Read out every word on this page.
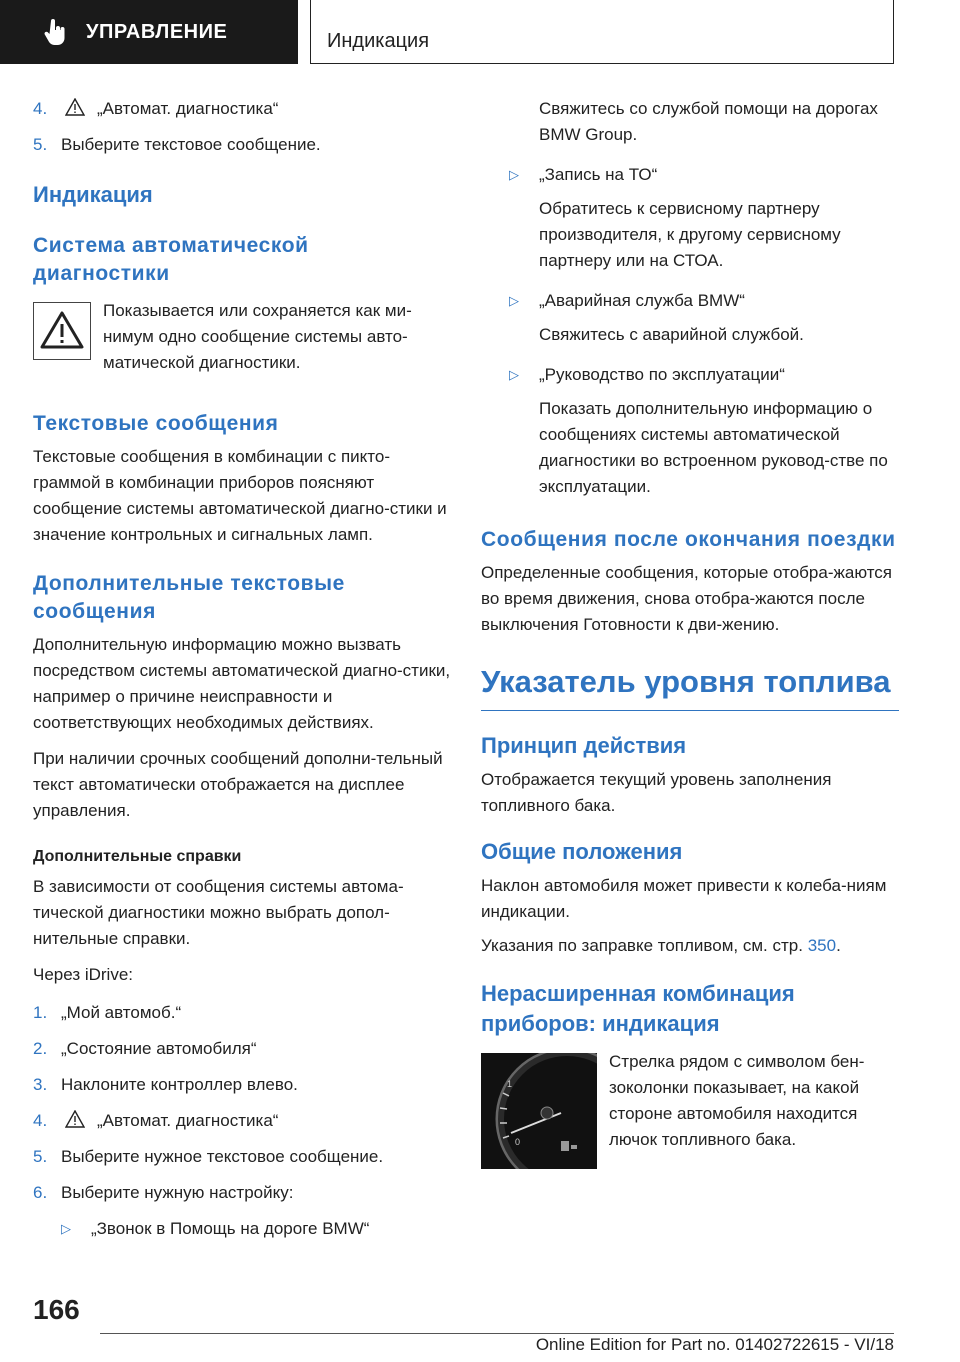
УПРАВЛЕНИЕ	Индикация
4.	„Автомат. диагностика“
5. Выберите текстовое сообщение.
Индикация
Система автоматической диагностики

Показывается или сохраняется как ми‐нимум одно сообщение системы авто‐матической диагностики.

Текстовые сообщения

Текстовые сообщения в комбинации с пикто‐граммой в комбинации приборов поясняют сообщение системы автоматической диагно‐стики и значение контрольных и сигнальных ламп.

Дополнительные текстовые сообщения

Дополнительную информацию можно вызвать посредством системы автоматической диагно‐стики, например о причине неисправности и соответствующих необходимых действиях.

При наличии срочных сообщений дополни‐тельный текст автоматически отображается на дисплее управления.

Дополнительные справки

В зависимости от сообщения системы автома‐тической диагностики можно выбрать допол‐нительные справки.

Через iDrive:

1. „Мой автомоб.“
2. „Состояние автомобиля“
3. Наклоните контроллер влево.
4.	„Автомат. диагностика“
5. Выберите нужное текстовое сообщение.
6. Выберите нужную настройку:
▷	„Звонок в Помощь на дороге BMW“

Свяжитесь со службой помощи на дорогах BMW Group.

▷	„Запись на ТО“

Обратитесь к сервисному партнеру производителя, к другому сервисному партнеру или на СТОА.

▷	„Аварийная служба BMW“

Свяжитесь с аварийной службой.

▷	„Руководство по эксплуатации“

Показать дополнительную информацию о сообщениях системы автоматической диагностики во встроенном руковод‐стве по эксплуатации.

Сообщения после окончания поездки

Определенные сообщения, которые отобра‐жаются во время движения, снова отобра‐жаются после выключения Готовности к дви‐жению.

Указатель уровня топлива
Принцип действия

Отображается текущий уровень заполнения топливного бака.

Общие положения

Наклон автомобиля может привести к колеба‐ниям индикации.

Указания по заправке топливом, см. стр. 350.

Нерасширенная комбинация приборов: индикация
1
0

Стрелка рядом с символом бен‐зоколонки показывает, на какой стороне автомобиля находится лючок топливного бака.

166
Online Edition for Part no. 01402722615 - VI/18
